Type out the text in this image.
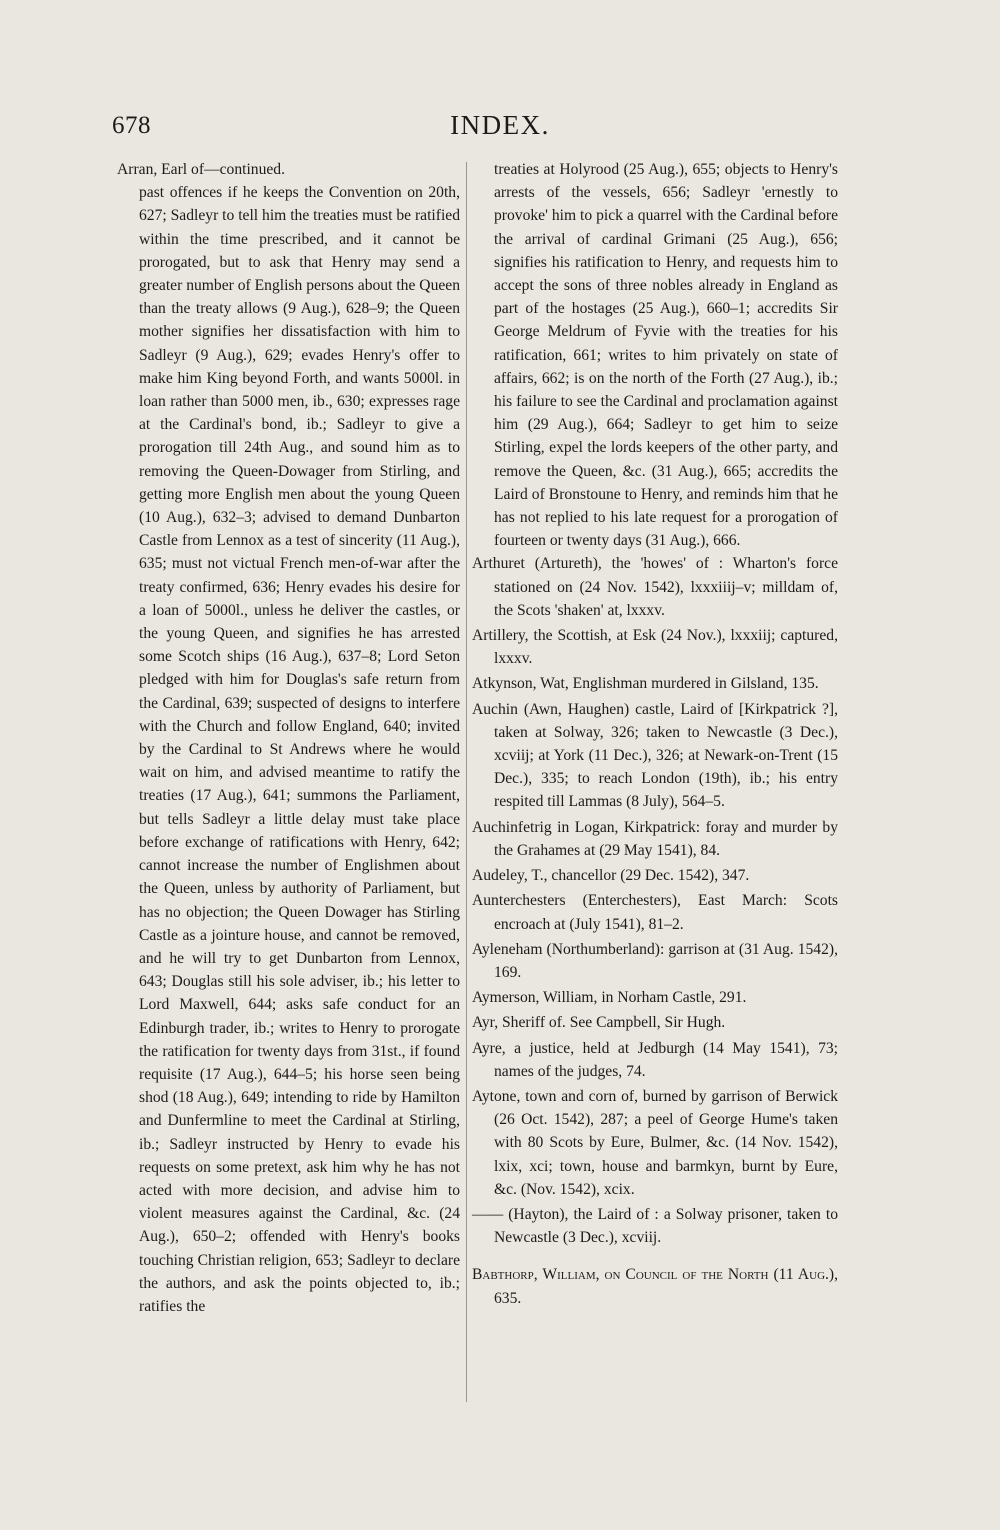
678	INDEX.
Arran, Earl of—continued.
past offences if he keeps the Convention on 20th, 627; Sadleyr to tell him the treaties must be ratified within the time prescribed, and it cannot be prorogated, but to ask that Henry may send a greater number of English persons about the Queen than the treaty allows (9 Aug.), 628–9; the Queen mother signifies her dissatisfaction with him to Sadleyr (9 Aug.), 629; evades Henry's offer to make him King beyond Forth, and wants 5000l. in loan rather than 5000 men, ib., 630; expresses rage at the Cardinal's bond, ib.; Sadleyr to give a prorogation till 24th Aug., and sound him as to removing the Queen-Dowager from Stirling, and getting more English men about the young Queen (10 Aug.), 632–3; advised to demand Dunbarton Castle from Lennox as a test of sincerity (11 Aug.), 635; must not victual French men-of-war after the treaty confirmed, 636; Henry evades his desire for a loan of 5000l., unless he deliver the castles, or the young Queen, and signifies he has arrested some Scotch ships (16 Aug.), 637–8; Lord Seton pledged with him for Douglas's safe return from the Cardinal, 639; suspected of designs to interfere with the Church and follow England, 640; invited by the Cardinal to St Andrews where he would wait on him, and advised meantime to ratify the treaties (17 Aug.), 641; summons the Parliament, but tells Sadleyr a little delay must take place before exchange of ratifications with Henry, 642; cannot increase the number of Englishmen about the Queen, unless by authority of Parliament, but has no objection; the Queen Dowager has Stirling Castle as a jointure house, and cannot be removed, and he will try to get Dunbarton from Lennox, 643; Douglas still his sole adviser, ib.; his letter to Lord Maxwell, 644; asks safe conduct for an Edinburgh trader, ib.; writes to Henry to prorogate the ratification for twenty days from 31st., if found requisite (17 Aug.), 644–5; his horse seen being shod (18 Aug.), 649; intending to ride by Hamilton and Dunfermline to meet the Cardinal at Stirling, ib.; Sadleyr instructed by Henry to evade his requests on some pretext, ask him why he has not acted with more decision, and advise him to violent measures against the Cardinal, &c. (24 Aug.), 650–2; offended with Henry's books touching Christian religion, 653; Sadleyr to declare the authors, and ask the points objected to, ib.; ratifies the
treaties at Holyrood (25 Aug.), 655; objects to Henry's arrests of the vessels, 656; Sadleyr 'ernestly to provoke' him to pick a quarrel with the Cardinal before the arrival of cardinal Grimani (25 Aug.), 656; signifies his ratification to Henry, and requests him to accept the sons of three nobles already in England as part of the hostages (25 Aug.), 660–1; accredits Sir George Meldrum of Fyvie with the treaties for his ratification, 661; writes to him privately on state of affairs, 662; is on the north of the Forth (27 Aug.), ib.; his failure to see the Cardinal and proclamation against him (29 Aug.), 664; Sadleyr to get him to seize Stirling, expel the lords keepers of the other party, and remove the Queen, &c. (31 Aug.), 665; accredits the Laird of Bronstoune to Henry, and reminds him that he has not replied to his late request for a prorogation of fourteen or twenty days (31 Aug.), 666.
Arthuret (Artureth), the 'howes' of : Wharton's force stationed on (24 Nov. 1542), lxxxiiij–v; milldam of, the Scots 'shaken' at, lxxxv.
Artillery, the Scottish, at Esk (24 Nov.), lxxxiij; captured, lxxxv.
Atkynson, Wat, Englishman murdered in Gilsland, 135.
Auchin (Awn, Haughen) castle, Laird of [Kirkpatrick ?], taken at Solway, 326; taken to Newcastle (3 Dec.), xcviij; at York (11 Dec.), 326; at Newark-on-Trent (15 Dec.), 335; to reach London (19th), ib.; his entry respited till Lammas (8 July), 564–5.
Auchinfetrig in Logan, Kirkpatrick: foray and murder by the Grahames at (29 May 1541), 84.
Audeley, T., chancellor (29 Dec. 1542), 347.
Aunterchesters (Enterchesters), East March: Scots encroach at (July 1541), 81–2.
Ayleneham (Northumberland): garrison at (31 Aug. 1542), 169.
Aymerson, William, in Norham Castle, 291.
Ayr, Sheriff of. See Campbell, Sir Hugh.
Ayre, a justice, held at Jedburgh (14 May 1541), 73; names of the judges, 74.
Aytone, town and corn of, burned by garrison of Berwick (26 Oct. 1542), 287; a peel of George Hume's taken with 80 Scots by Eure, Bulmer, &c. (14 Nov. 1542), lxix, xci; town, house and barmkyn, burnt by Eure, &c. (Nov. 1542), xcix.
—— (Hayton), the Laird of : a Solway prisoner, taken to Newcastle (3 Dec.), xcviij.
Babthorp, William, on Council of the North (11 Aug.), 635.
